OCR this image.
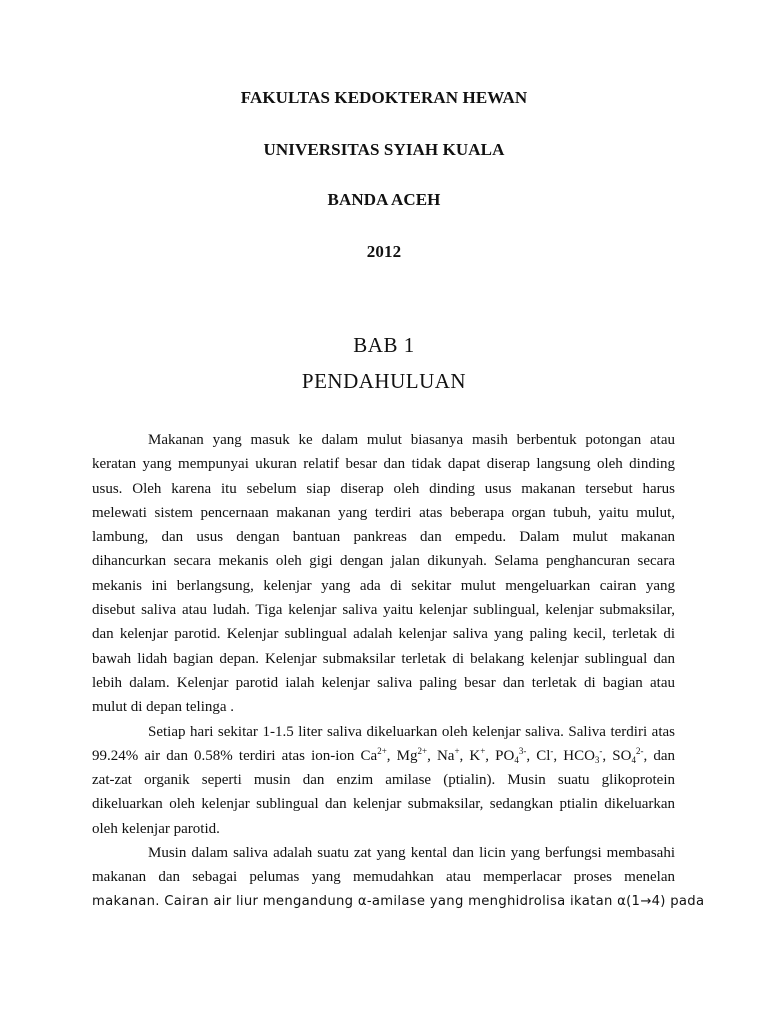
FAKULTAS KEDOKTERAN HEWAN
UNIVERSITAS SYIAH KUALA
BANDA ACEH
2012
BAB 1
PENDAHULUAN
Makanan yang masuk ke dalam mulut biasanya masih berbentuk potongan atau
keratan yang mempunyai ukuran relatif besar dan tidak dapat diserap langsung oleh dinding
usus. Oleh karena itu sebelum siap diserap oleh dinding usus makanan tersebut harus
melewati sistem pencernaan makanan yang terdiri atas beberapa organ tubuh, yaitu mulut,
lambung, dan usus dengan bantuan pankreas dan empedu. Dalam mulut makanan
dihancurkan secara mekanis oleh gigi dengan jalan dikunyah. Selama penghancuran secara
mekanis ini berlangsung, kelenjar yang ada di sekitar mulut mengeluarkan cairan yang
disebut saliva atau ludah. Tiga kelenjar saliva yaitu kelenjar sublingual, kelenjar submaksilar,
dan kelenjar parotid. Kelenjar sublingual adalah kelenjar saliva yang paling kecil, terletak di
bawah lidah bagian depan. Kelenjar submaksilar terletak di belakang kelenjar sublingual dan
lebih dalam. Kelenjar parotid ialah kelenjar saliva paling besar dan terletak di bagian atau
mulut di depan telinga .
Setiap hari sekitar 1-1.5 liter saliva dikeluarkan oleh kelenjar saliva. Saliva terdiri atas
99.24% air dan 0.58% terdiri atas ion-ion $Ca^{2+}$, $Mg^{2+}$, Na+, K+, $PO_4^{3-}$, Cl-, $HCO_3^-$, $SO_4^{2-}$, dan
zat-zat organik seperti musin dan enzim amilase (ptialin). Musin suatu glikoprotein
dikeluarkan oleh kelenjar sublingual dan kelenjar submaksilar, sedangkan ptialin dikeluarkan
oleh kelenjar parotid.
Musin dalam saliva adalah suatu zat yang kental dan licin yang berfungsi membasahi
makanan dan sebagai pelumas yang memudahkan atau memperlacar proses menelan
makanan. Cairan air liur mengandung α-amilase yang menghidrolisa ikatan α(1→4) pada
